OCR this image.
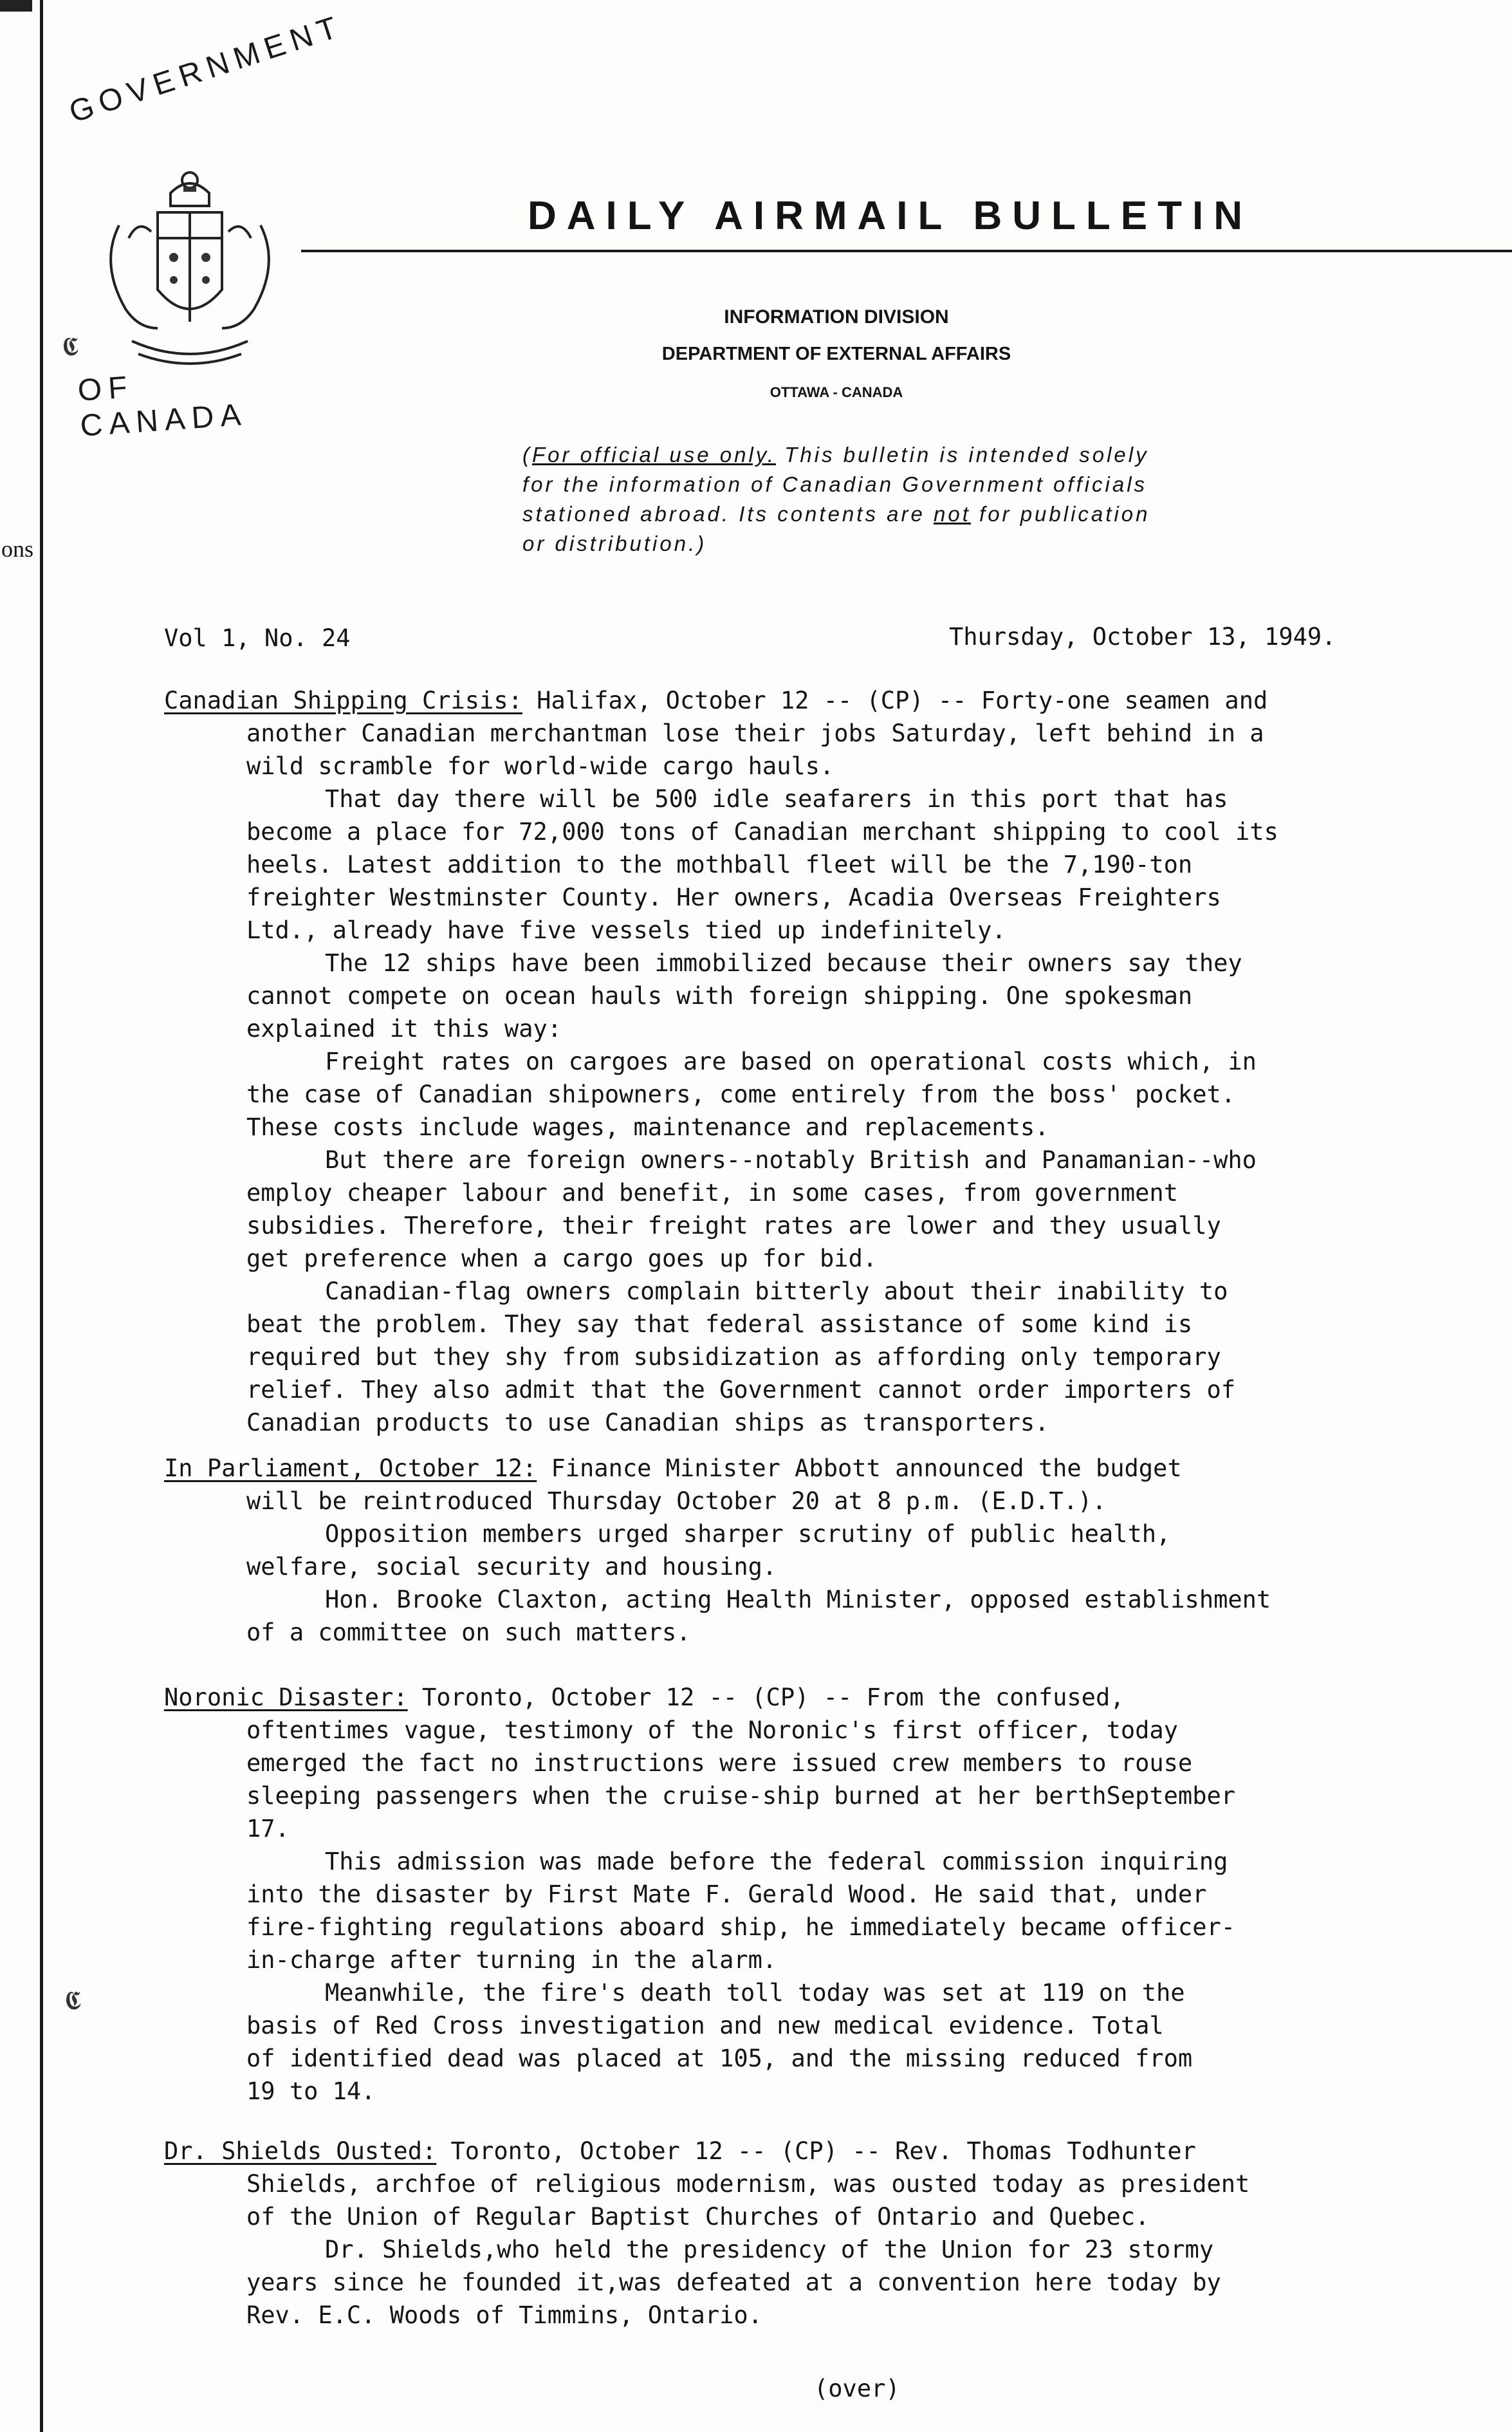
ons
𝕮
𝕮
GOVERNMENT
OF CANADA
DAILY AIRMAIL BULLETIN
INFORMATION DIVISION
DEPARTMENT OF EXTERNAL AFFAIRS
OTTAWA - CANADA
(For official use only. This bulletin is intended solely
for the information of Canadian Government officials
stationed abroad. Its contents are not for publication
or distribution.)
Vol 1, No. 24	Thursday, October 13, 1949.
Canadian Shipping Crisis: Halifax, October 12 -- (CP) -- Forty-one seamen and
another Canadian merchantman lose their jobs Saturday, left behind in a
wild scramble for world-wide cargo hauls.
That day there will be 500 idle seafarers in this port that has
become a place for 72,000 tons of Canadian merchant shipping to cool its
heels. Latest addition to the mothball fleet will be the 7,190-ton
freighter Westminster County. Her owners, Acadia Overseas Freighters
Ltd., already have five vessels tied up indefinitely.
The 12 ships have been immobilized because their owners say they
cannot compete on ocean hauls with foreign shipping. One spokesman
explained it this way:
Freight rates on cargoes are based on operational costs which, in
the case of Canadian shipowners, come entirely from the boss' pocket.
These costs include wages, maintenance and replacements.
But there are foreign owners--notably British and Panamanian--who
employ cheaper labour and benefit, in some cases, from government
subsidies. Therefore, their freight rates are lower and they usually
get preference when a cargo goes up for bid.
Canadian-flag owners complain bitterly about their inability to
beat the problem. They say that federal assistance of some kind is
required but they shy from subsidization as affording only temporary
relief. They also admit that the Government cannot order importers of
Canadian products to use Canadian ships as transporters.
In Parliament, October 12: Finance Minister Abbott announced the budget
will be reintroduced Thursday October 20 at 8 p.m. (E.D.T.).
Opposition members urged sharper scrutiny of public health,
welfare, social security and housing.
Hon. Brooke Claxton, acting Health Minister, opposed establishment
of a committee on such matters.
Noronic Disaster: Toronto, October 12 -- (CP) -- From the confused,
oftentimes vague, testimony of the Noronic's first officer, today
emerged the fact no instructions were issued crew members to rouse
sleeping passengers when the cruise-ship burned at her berthSeptember
17.
This admission was made before the federal commission inquiring
into the disaster by First Mate F. Gerald Wood. He said that, under
fire-fighting regulations aboard ship, he immediately became officer-
in-charge after turning in the alarm.
Meanwhile, the fire's death toll today was set at 119 on the
basis of Red Cross investigation and new medical evidence. Total
of identified dead was placed at 105, and the missing reduced from
19 to 14.
Dr. Shields Ousted: Toronto, October 12 -- (CP) -- Rev. Thomas Todhunter
Shields, archfoe of religious modernism, was ousted today as president
of the Union of Regular Baptist Churches of Ontario and Quebec.
Dr. Shields,who held the presidency of the Union for 23 stormy
years since he founded it,was defeated at a convention here today by
Rev. E.C. Woods of Timmins, Ontario.
(over)
